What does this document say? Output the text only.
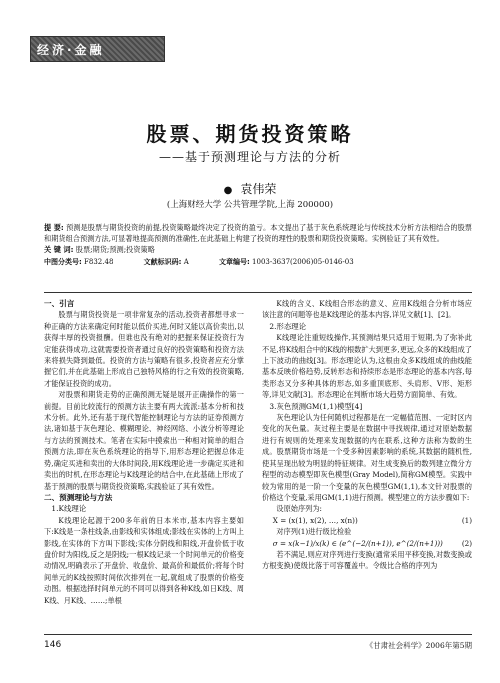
经济·金融
股票、期货投资策略
——基于预测理论与方法的分析
● 袁伟荣
(上海财经大学 公共管理学院,上海 200000)
提 要: 预测是股票与期货投资的前提,投资策略最终决定了投资的盈亏。本文提出了基于灰色系统理论与传统技术分析方法相结合的股票和期货组合预测方法,可显著地提高预测的准确性,在此基础上构建了投资的理性的股票和期货投资策略。实例验证了其有效性。
关 键 词: 股票;期货;预测;投资策略
中图分类号: F832.48	文献标识码: A	文章编号: 1003-3637(2006)05-0146-03
一、引言

股票与期货投资是一项非常复杂的活动,投资者都想寻求一种正确的方法来确定何时能以低价买进,何时又能以高价卖出,以获得丰厚的投资报酬。但谁也没有绝对的把握来保证投资行为定能获得成功,这就需要投资者通过良好的投资策略和投资方法来将损失降到最低。投资的方法与策略有很多,投资者应充分掌握它们,并在此基础上形成自己独特风格的行之有效的投资策略,才能保证投资的成功。

对股票和期货走势的正确预测无疑是展开正确操作的第一前提。目前比较流行的预测方法主要有两大流派:基本分析和技术分析。此外,还有基于现代智能控制理论与方法的证券预测方法,诸如基于灰色理论、模糊理论、神经网络、小波分析等理论与方法的预测技术。笔者在实际中摸索出一种相对简单的组合预测方法,即在灰色系统理论的指导下,用形态理论把握总体走势,确定买进和卖出的大体时间段,用K线理论进一步确定买进和卖出的时机,在形态理论与K线理论的结合中,在此基础上形成了基于预测的股票与期货投资策略,实践验证了其有效性。

二、预测理论与方法
1.K线理论

K线理论起源于200多年前的日本米市,基本内容主要如下:K线是一条柱线条,由影线和实体组成;影线在实体的上方叫上影线,在实体的下方叫下影线;实体分阴线和阳线,开盘价低于收盘价时为阳线,反之是阴线;一根K线记录一个时间单元的价格变动情况,明确表示了开盘价、收盘价、最高价和最低价;将每个时间单元的K线按照时间依次排列在一起,就组成了股票的价格变动图。根据选择时间单元的不同可以得到各种K线,如日K线、周K线、月K线、……;单根

K线的含义、K线组合形态的意义、应用K线组合分析市场应该注意的问题等也是K线理论的基本内容,详见文献[1]、[2]。

2.形态理论

K线理论注重短线操作,其预测结果只适用于短期,为了弥补此不足,将K线组合中的K线的根数扩大到更多,更远,众多的K线组成了上下波动的曲线[3]。形态理论认为,这根由众多K线组成的曲线能基本反映价格趋势,反转形态和持续形态是形态理论的基本内容,每类形态又分多种具体的形态,如多重顶底形、头肩形、V形、矩形等,详见文献[3]。形态理论在判断市场大趋势方面简单、有效。

3.灰色预测GM(1,1)模型[4]

灰色理论认为任何随机过程都是在一定幅值范围、一定时区内变化的灰色量。灰过程主要是在数据中寻找规律,通过对原始数据进行有规则的处理来发现数据的内在联系,这种方法称为数的生成。股票期货市场是一个受多种因素影响的系统,其数据的随机性,使其呈现出较为明显的特征规律。对生成变换后的数列建立微分方程型的动态模型即灰色模型(Gray Model),简称GM模型。实践中较为常用的是一阶一个变量的灰色模型GM(1,1),本文针对股票的价格这个变量,采用GM(1,1)进行预测。模型建立的方法步骤如下:

设原始序列为:

X = (x(1), x(2), …, x(n))	(1)

对序列(1)进行级比检验

σ = x(k−1)/x(k) ∈ (e^(−2/(n+1)), e^(2/(n+1)))	(2)

若不满足,则应对序列进行变换(通常采用平移变换,对数变换或方根变换)使级比落于可容覆盖中。令级比合格的序列为

146	《甘肃社会科学》2006年第5期
